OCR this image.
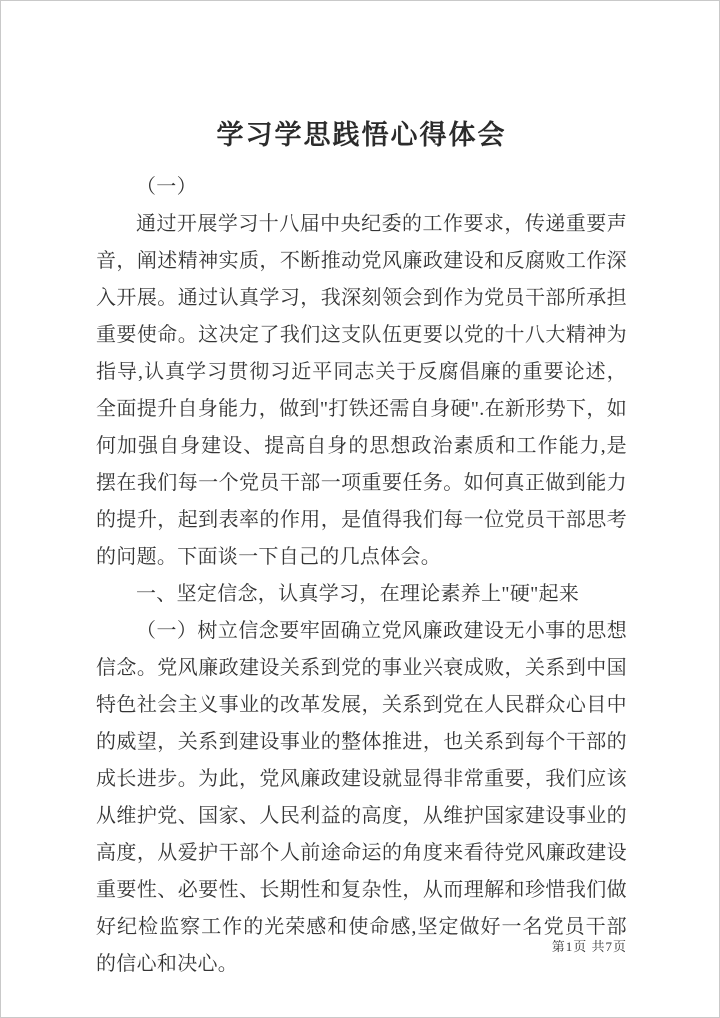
学习学思践悟心得体会

（一）

通过开展学习十八届中央纪委的工作要求，传递重要声音，阐述精神实质，不断推动党风廉政建设和反腐败工作深入开展。通过认真学习，我深刻领会到作为党员干部所承担重要使命。这决定了我们这支队伍更要以党的十八大精神为指导,认真学习贯彻习近平同志关于反腐倡廉的重要论述，全面提升自身能力，做到"打铁还需自身硬".在新形势下，如何加强自身建设、提高自身的思想政治素质和工作能力,是摆在我们每一个党员干部一项重要任务。如何真正做到能力的提升，起到表率的作用，是值得我们每一位党员干部思考的问题。下面谈一下自己的几点体会。

一、坚定信念，认真学习，在理论素养上"硬"起来

（一）树立信念要牢固确立党风廉政建设无小事的思想信念。党风廉政建设关系到党的事业兴衰成败，关系到中国特色社会主义事业的改革发展，关系到党在人民群众心目中的威望，关系到建设事业的整体推进，也关系到每个干部的成长进步。为此，党风廉政建设就显得非常重要，我们应该从维护党、国家、人民利益的高度，从维护国家建设事业的高度，从爱护干部个人前途命运的角度来看待党风廉政建设重要性、必要性、长期性和复杂性，从而理解和珍惜我们做好纪检监察工作的光荣感和使命感,坚定做好一名党员干部的信心和决心。

第1页 共7页
